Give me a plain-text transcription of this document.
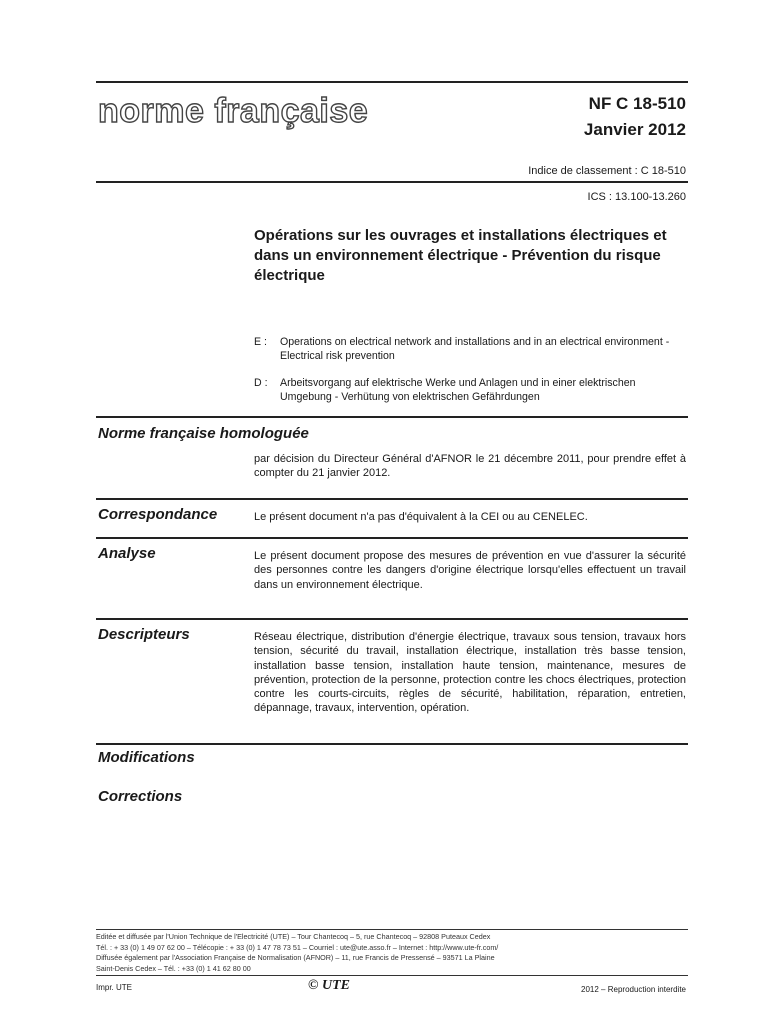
norme française	NF C 18-510
Janvier 2012
Indice de classement : C 18-510
ICS : 13.100-13.260
Opérations sur les ouvrages et installations électriques et dans un environnement électrique - Prévention du risque électrique
E :	Operations on electrical network and installations and in an electrical environment - Electrical risk prevention
D :	Arbeitsvorgang auf elektrische Werke und Anlagen und in einer elektrischen Umgebung - Verhütung von elektrischen Gefährdungen
Norme française homologuée
par décision du Directeur Général d'AFNOR le 21 décembre 2011, pour prendre effet à compter du 21 janvier 2012.
Correspondance	Le présent document n'a pas d'équivalent à la CEI ou au CENELEC.
Analyse	Le présent document propose des mesures de prévention en vue d'assurer la sécurité des personnes contre les dangers d'origine électrique lorsqu'elles effectuent un travail dans un environnement électrique.
Descripteurs	Réseau électrique, distribution d'énergie électrique, travaux sous tension, travaux hors tension, sécurité du travail, installation électrique, installation très basse tension, installation basse tension, installation haute tension, maintenance, mesures de prévention, protection de la personne, protection contre les chocs électriques, protection contre les courts-circuits, règles de sécurité, habilitation, réparation, entretien, dépannage, travaux, intervention, opération.
Modifications
Corrections
Editée et diffusée par l'Union Technique de l'Electricité (UTE) – Tour Chantecoq – 5, rue Chantecoq – 92808 Puteaux Cedex
Tél. : + 33 (0) 1 49 07 62 00 – Télécopie : + 33 (0) 1 47 78 73 51 – Courriel : ute@ute.asso.fr – Internet : http://www.ute-fr.com/
Diffusée également par l'Association Française de Normalisation (AFNOR) – 11, rue Francis de Pressensé – 93571 La Plaine
Saint-Denis Cedex – Tél. : +33 (0) 1 41 62 80 00
Impr. UTE	© UTE	2012 – Reproduction interdite
